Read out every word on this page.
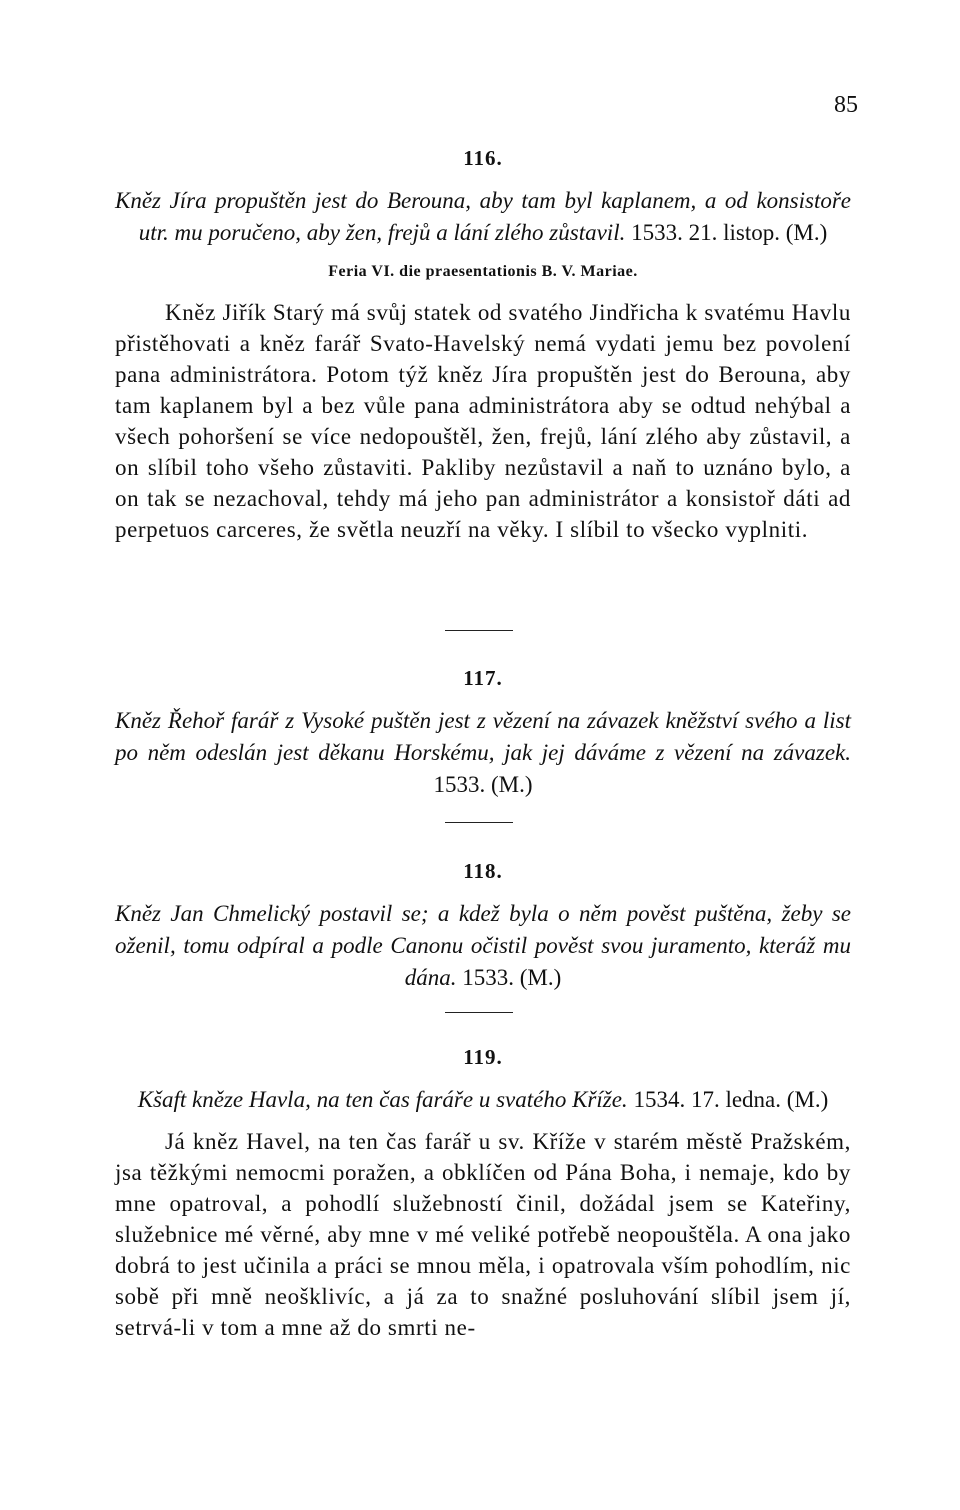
85
116.
Kněz Jíra propuštěn jest do Berouna, aby tam byl kaplanem, a od konsistoře utr. mu poručeno, aby žen, frejů a lání zlého zůstavil. 1533. 21. listop. (M.)
Feria VI. die praesentationis B. V. Mariae.

Kněz Jiřík Starý má svůj statek od svatého Jindřicha k svatému Havlu přistěhovati a kněz farář Svato-Havelský nemá vydati jemu bez povolení pana administrátora. Potom týž kněz Jíra propuštěn jest do Berouna, aby tam kaplanem byl a bez vůle pana administrátora aby se odtud nehýbal a všech pohoršení se více nedopouštěl, žen, frejů, lání zlého aby zůstavil, a on slíbil toho všeho zůstaviti. Pakliby nezůstavil a naň to uznáno bylo, a on tak se nezachoval, tehdy má jeho pan administrátor a konsistoř dáti ad perpetuos carceres, že světla neuzří na věky. I slíbil to všecko vyplniti.

117.
Kněz Řehoř farář z Vysoké puštěn jest z vězení na závazek kněžství svého a list po něm odeslán jest děkanu Horskému, jak jej dáváme z vězení na závazek. 1533. (M.)
118.
Kněz Jan Chmelický postavil se; a kdež byla o něm pověst puštěna, žeby se oženil, tomu odpíral a podle Canonu očistil pověst svou juramento, kteráž mu dána. 1533. (M.)
119.
Kšaft kněze Havla, na ten čas faráře u svatého Kříže. 1534. 17. ledna. (M.)

Já kněz Havel, na ten čas farář u sv. Kříže v starém městě Pražském, jsa těžkými nemocmi poražen, a obklíčen od Pána Boha, i nemaje, kdo by mne opatroval, a pohodlí služebností činil, dožádal jsem se Kateřiny, služebnice mé věrné, aby mne v mé veliké potřebě neopouštěla. A ona jako dobrá to jest učinila a práci se mnou měla, i opatrovala vším pohodlím, nic sobě při mně neošklivíc, a já za to snažné posluhování slíbil jsem jí, setrvá-li v tom a mne až do smrti ne-
